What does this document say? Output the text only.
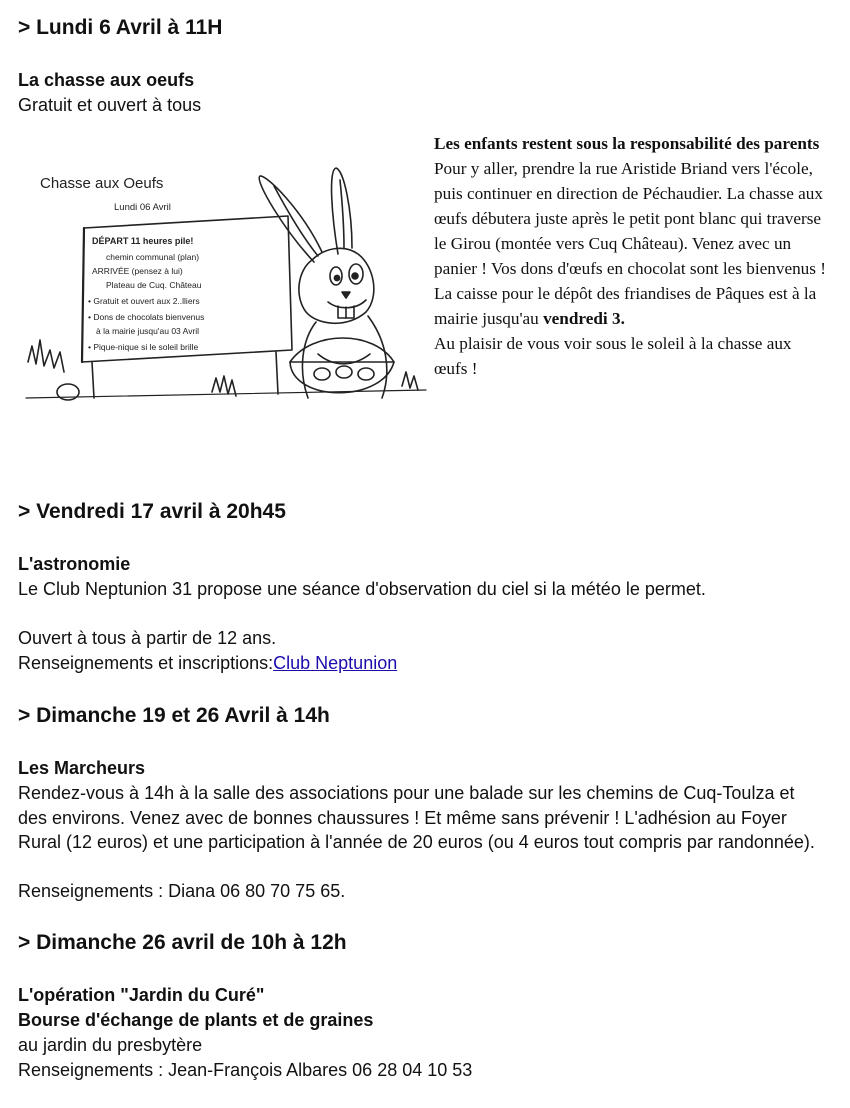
> Lundi 6 Avril à 11H
La chasse aux oeufs

Gratuit et ouvert à tous

Chasse aux Oeufs
Lundi 06 Avril
DÉPART 11 heures pile!
chemin communal (plan)
ARRIVÉE (pensez à lui)
Plateau de Cuq. Château
• Gratuit et ouvert aux 2..lliers
• Dons de chocolats bienvenus
à la mairie jusqu'au 03 Avril
• Pique-nique si le soleil brille
Les enfants restent sous la responsabilité des parents
Pour y aller, prendre la rue Aristide Briand vers l'école, puis continuer en direction de Péchaudier. La chasse aux œufs débutera juste après le petit pont blanc qui traverse le Girou (montée vers Cuq Château). Venez avec un panier ! Vos dons d'œufs en chocolat sont les bienvenus ! La caisse pour le dépôt des friandises de Pâques est à la mairie jusqu'au vendredi 3.
Au plaisir de vous voir sous le soleil à la chasse aux œufs !
> Vendredi 17 avril à 20h45
L'astronomie

Le Club Neptunion 31 propose une séance d'observation du ciel si la météo le permet.

Ouvert à tous à partir de 12 ans.

Renseignements et inscriptions:Club Neptunion

> Dimanche 19 et 26 Avril à 14h
Les Marcheurs

Rendez-vous à 14h à la salle des associations pour une balade sur les chemins de Cuq-Toulza et des environs. Venez avec de bonnes chaussures ! Et même sans prévenir ! L'adhésion au Foyer Rural (12 euros) et une participation à l'année de 20 euros (ou 4 euros tout compris par randonnée).

Renseignements : Diana 06 80 70 75 65.

> Dimanche 26 avril de 10h à 12h
L'opération "Jardin du Curé"
Bourse d'échange de plants et de graines

au jardin du presbytère

Renseignements : Jean-François Albares 06 28 04 10 53
